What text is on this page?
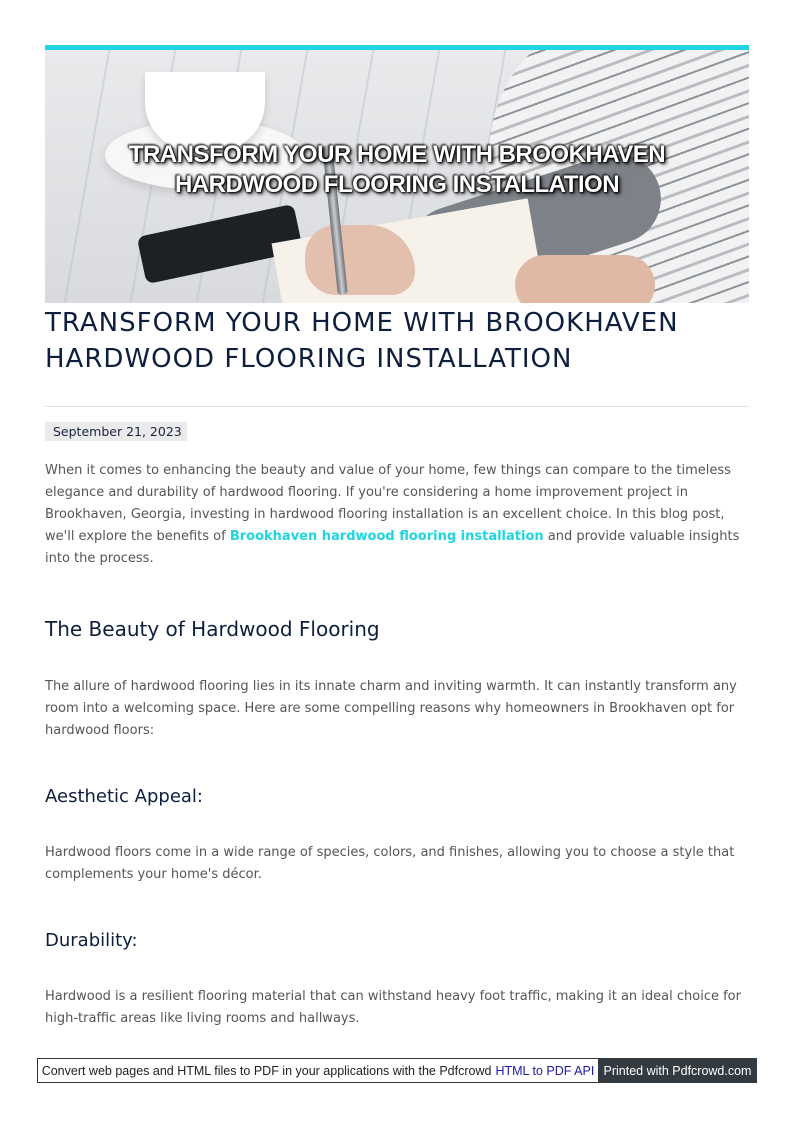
TRANSFORM YOUR HOME WITH BROOKHAVEN
HARDWOOD FLOORING INSTALLATION
TRANSFORM YOUR HOME WITH BROOKHAVEN
HARDWOOD FLOORING INSTALLATION
September 21, 2023

When it comes to enhancing the beauty and value of your home, few things can compare to the timeless elegance and durability of hardwood flooring. If you're considering a home improvement project in Brookhaven, Georgia, investing in hardwood flooring installation is an excellent choice. In this blog post, we'll explore the benefits of Brookhaven hardwood flooring installation and provide valuable insights into the process.

The Beauty of Hardwood Flooring

The allure of hardwood flooring lies in its innate charm and inviting warmth. It can instantly transform any room into a welcoming space. Here are some compelling reasons why homeowners in Brookhaven opt for hardwood floors:

Aesthetic Appeal:

Hardwood floors come in a wide range of species, colors, and finishes, allowing you to choose a style that complements your home's décor.

Durability:

Hardwood is a resilient flooring material that can withstand heavy foot traffic, making it an ideal choice for high-traffic areas like living rooms and hallways.

Convert web pages and HTML files to PDF in your applications with the Pdfcrowd HTML to PDF API Printed with Pdfcrowd.com
